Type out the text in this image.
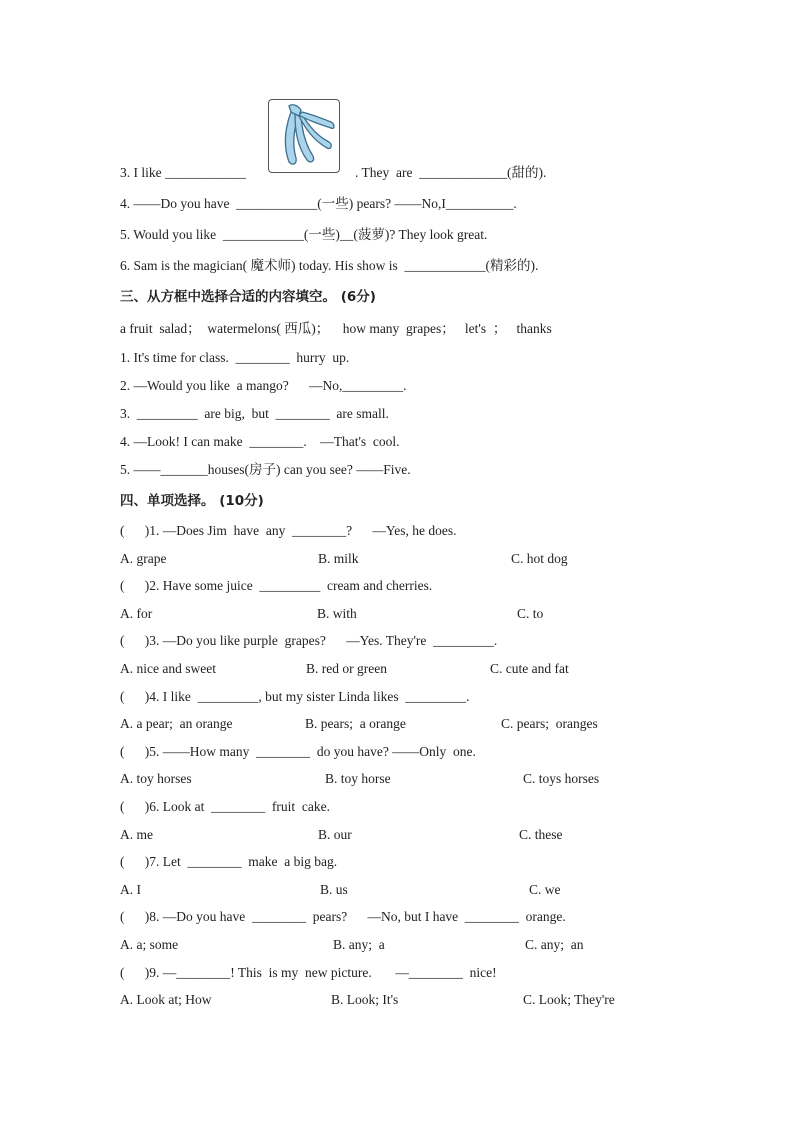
3. I like ____________	. They  are  _____________(甜的).
4. ——Do you have  ____________(一些) pears? ——No,I__________.
5. Would you like  ____________(一些)__(菠萝)? They look great.
6. Sam is the magician( 魔术师) today. His show is  ____________(精彩的).
三、从方框中选择合适的内容填空。 (6分)
a fruit  salad；  watermelons( 西瓜)；    how many  grapes；   let's  ；   thanks
1. It's time for class.  ________  hurry  up.
2. —Would you like  a mango?      —No,_________.
3.  _________  are big,  but  ________  are small.
4. —Look! I can make  ________.    —That's  cool.
5. ——_______houses(房子) can you see? ——Five.
四、单项选择。 (10分)
(      )1. —Does Jim  have  any  ________?      —Yes, he does.
A. grape	B. milk	C. hot dog
(      )2. Have some juice  _________  cream and cherries.
A. for	B. with	C. to
(      )3. —Do you like purple  grapes?      —Yes. They're  _________.
A. nice and sweet	B. red or green	C. cute and fat
(      )4. I like  _________, but my sister Linda likes  _________.
A. a pear;  an orange	B. pears;  a orange	C. pears;  oranges
(      )5. ——How many  ________  do you have? ——Only  one.
A. toy horses	B. toy horse	C. toys horses
(      )6. Look at  ________  fruit  cake.
A. me	B. our	C. these
(      )7. Let  ________  make  a big bag.
A. I	B. us	C. we
(      )8. —Do you have  ________  pears?      —No, but I have  ________  orange.
A. a; some	B. any;  a	C. any;  an
(      )9. —________! This  is my  new picture.       —________  nice!
A. Look at; How	B. Look; It's	C. Look; They're
